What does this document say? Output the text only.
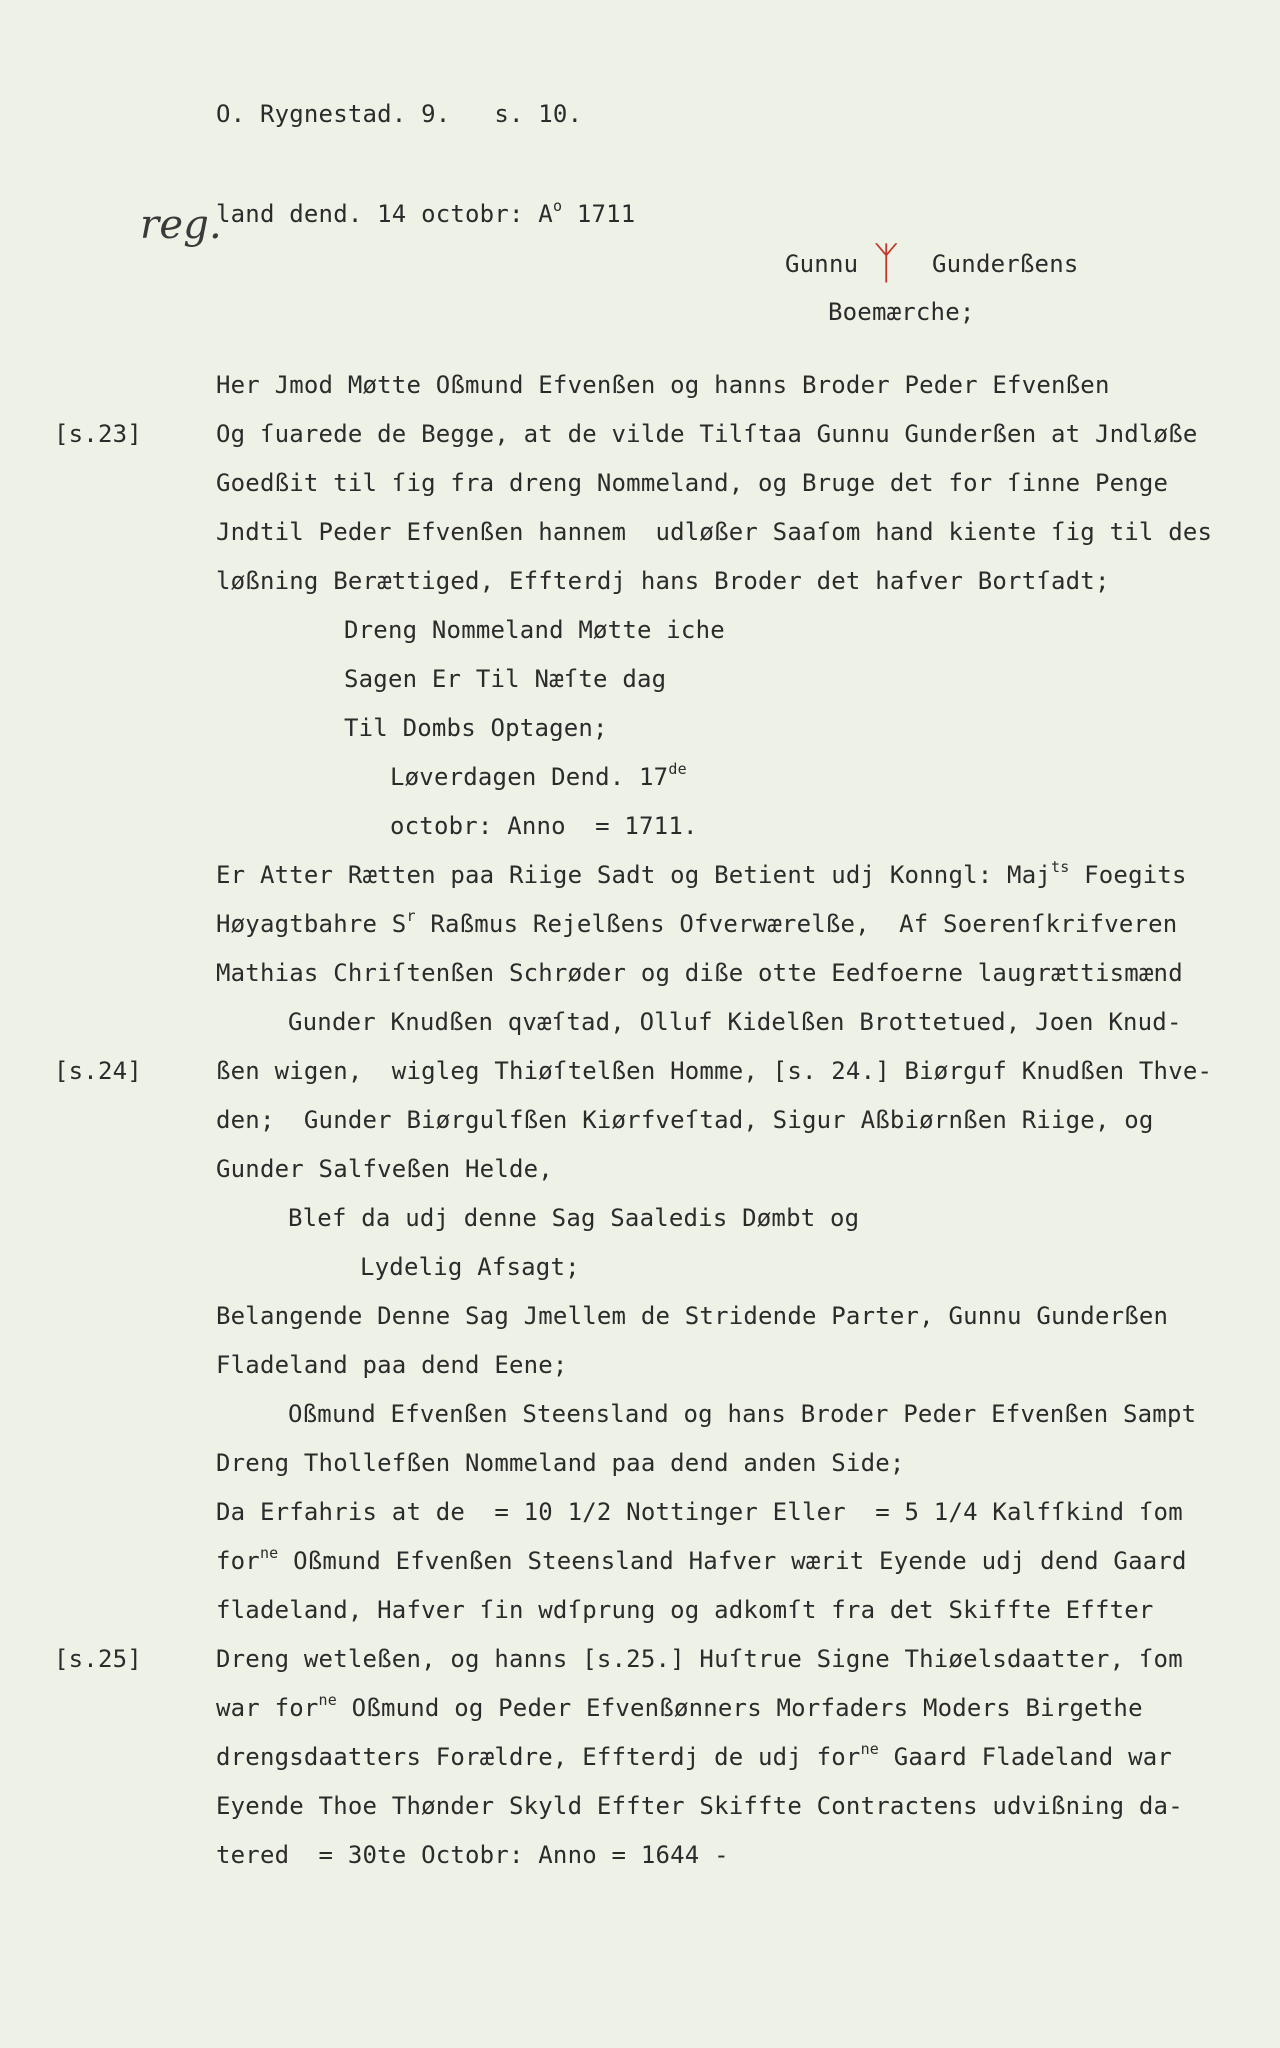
O. Rygnestad. 9.   s. 10.
reg.
land dend. 14 octobr: $A^o$ 1711
Gunnu ᛉ Gunderßens
Boemærche;
Her Jmod Møtte Oßmund Efvenßen og hanns Broder Peder Efvenßen
[s.23]	Og ſuarede de Begge, at de vilde Tilſtaa Gunnu Gunderßen at Jndløße
Goedßit til ſig fra dreng Nommeland, og Bruge det for ſinne Penge
Jndtil Peder Efvenßen hannem  udløßer Saaſom hand kiente ſig til des
løßning Berættiged, Effterdj hans Broder det hafver Bortſadt;
Dreng Nommeland Møtte iche
Sagen Er Til Næſte dag
Til Dombs Optagen;
Løverdagen Dend. 17de
octobr: Anno  = 1711.
Er Atter Rætten paa Riige Sadt og Betient udj Konngl: Maj$^{ts}$ Foegits
Høyagtbahre $S^r$ Raßmus Rejelßens Ofverwærelße,  Af Soerenſkrifveren
Mathias Chriſtenßen Schrøder og diße otte Eedfoerne laugrættismænd
Gunder Knudßen qvæſtad, Olluf Kidelßen Brottetued, Joen Knud-
[s.24]	ßen wigen,  wigleg Thiøſtelßen Homme, [s. 24.] Biørguf Knudßen Thve-
den;  Gunder Biørgulfßen Kiørfveſtad, Sigur Aßbiørnßen Riige, og
Gunder Salfveßen Helde,
Blef da udj denne Sag Saaledis Dømbt og
Lydelig Afsagt;
Belangende Denne Sag Jmellem de Stridende Parter, Gunnu Gunderßen
Fladeland paa dend Eene;
Oßmund Efvenßen Steensland og hans Broder Peder Efvenßen Sampt
Dreng Thollefßen Nommeland paa dend anden Side;
Da Erfahris at de  = 10 1/2 Nottinger Eller  = 5 1/4 Kalfſkind ſom
for$^{ne}$ Oßmund Efvenßen Steensland Hafver wærit Eyende udj dend Gaard
fladeland, Hafver ſin wdſprung og adkomſt fra det Skiffte Effter
[s.25]	Dreng wetleßen, og hanns [s.25.] Huſtrue Signe Thiøelsdaatter, ſom
war for$^{ne}$ Oßmund og Peder Efvenßønners Morfaders Moders Birgethe
drengsdaatters Forældre, Effterdj de udj for$^{ne}$ Gaard Fladeland war
Eyende Thoe Thønder Skyld Effter Skiffte Contractens udvißning da-
tered  = 30te Octobr: Anno = 1644 -
